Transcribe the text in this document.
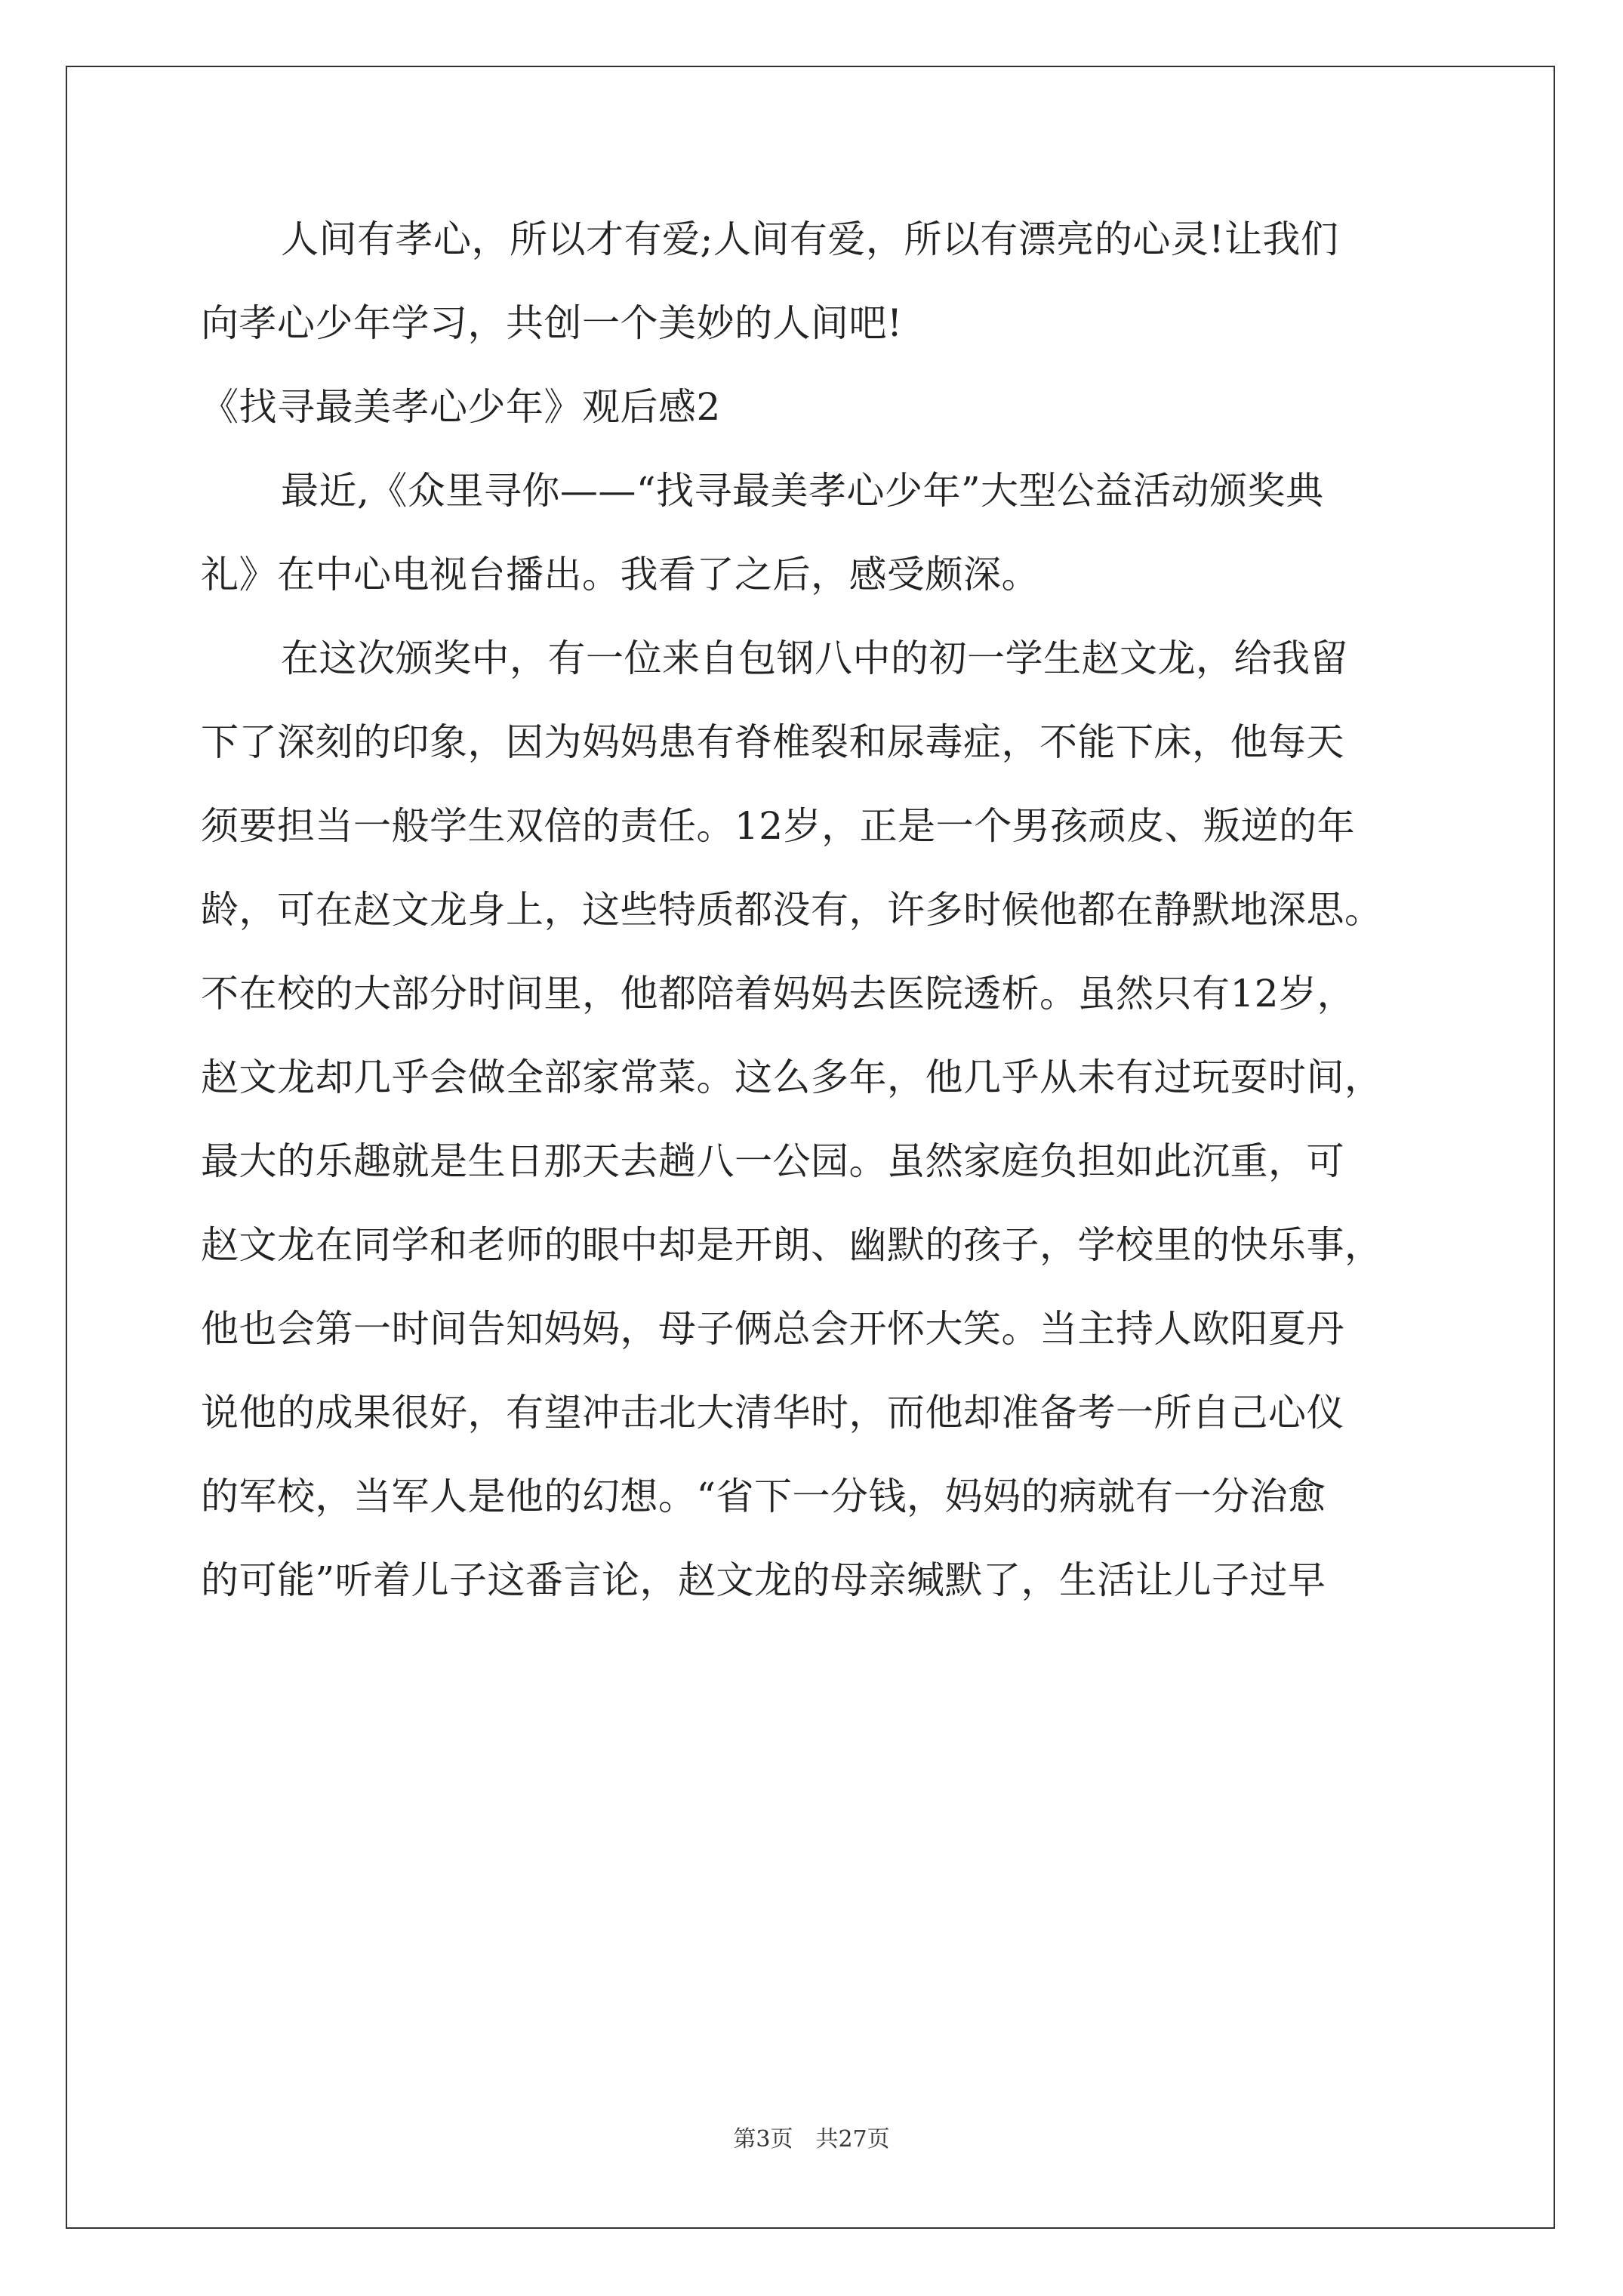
人间有孝心，所以才有爱;人间有爱，所以有漂亮的心灵!让我们
向孝心少年学习，共创一个美妙的人间吧!
《找寻最美孝心少年》观后感2
最近,《众里寻你——“找寻最美孝心少年”大型公益活动颁奖典
礼》在中心电视台播出。我看了之后，感受颇深。
在这次颁奖中，有一位来自包钢八中的初一学生赵文龙，给我留
下了深刻的印象，因为妈妈患有脊椎裂和尿毒症，不能下床，他每天
须要担当一般学生双倍的责任。12岁，正是一个男孩顽皮、叛逆的年
龄，可在赵文龙身上，这些特质都没有，许多时候他都在静默地深思。
不在校的大部分时间里，他都陪着妈妈去医院透析。虽然只有12岁，
赵文龙却几乎会做全部家常菜。这么多年，他几乎从未有过玩耍时间，
最大的乐趣就是生日那天去趟八一公园。虽然家庭负担如此沉重，可
赵文龙在同学和老师的眼中却是开朗、幽默的孩子，学校里的快乐事，
他也会第一时间告知妈妈，母子俩总会开怀大笑。当主持人欧阳夏丹
说他的成果很好，有望冲击北大清华时，而他却准备考一所自己心仪
的军校，当军人是他的幻想。“省下一分钱，妈妈的病就有一分治愈
的可能”听着儿子这番言论，赵文龙的母亲缄默了，生活让儿子过早
第3页　共27页
